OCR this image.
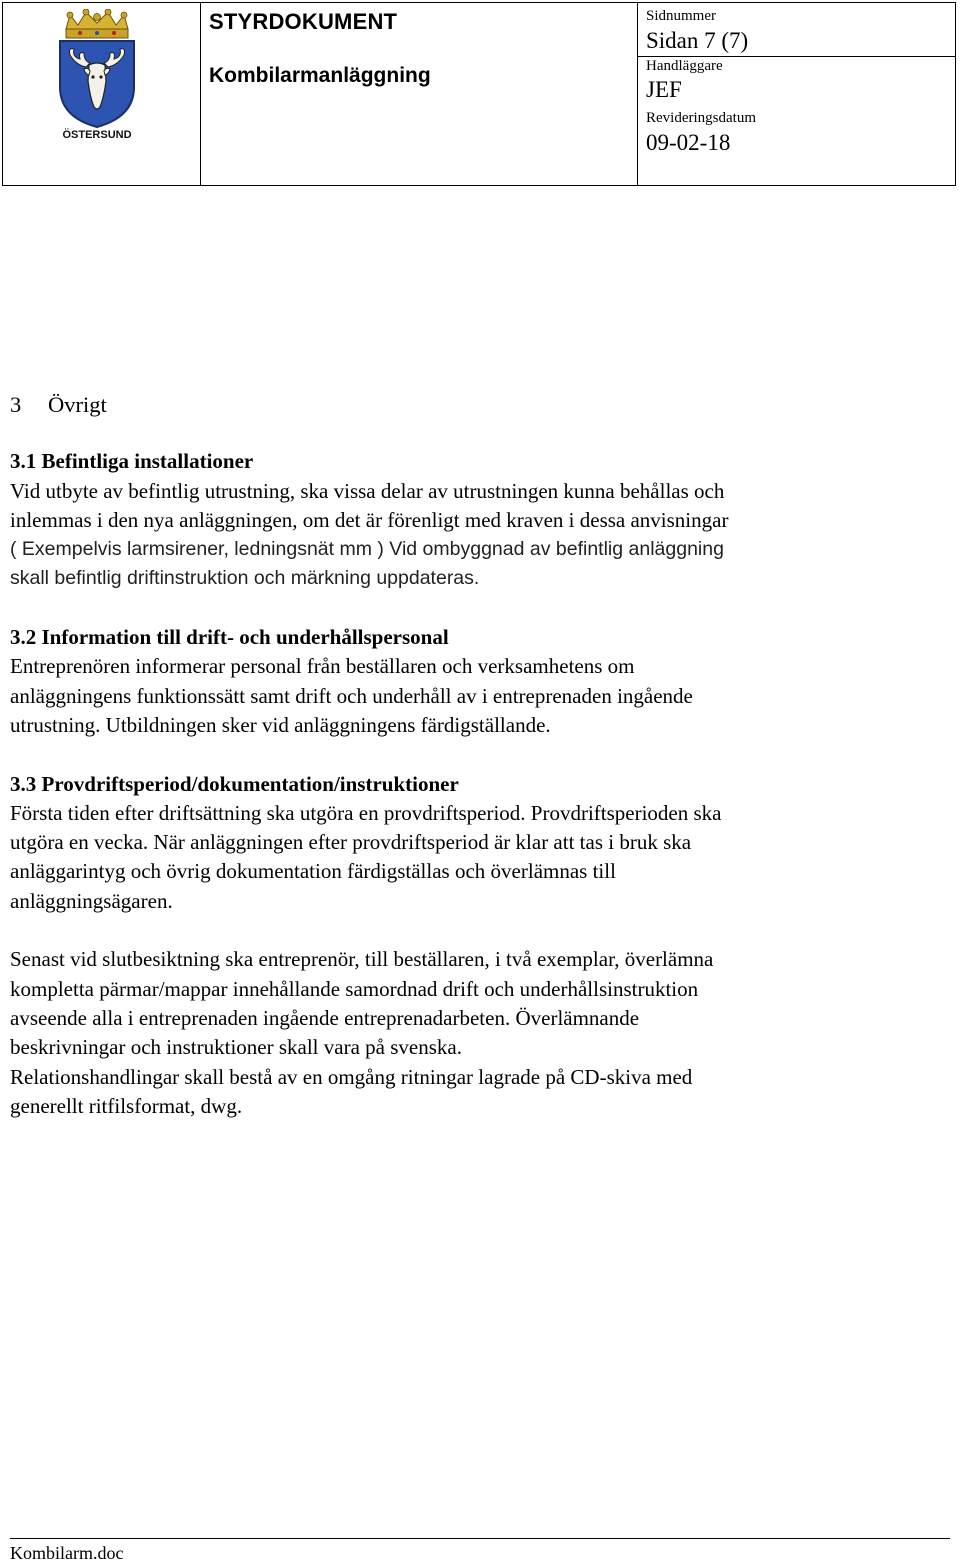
ÖSTERSUND
STYRDOKUMENT
Kombilarmanläggning
Sidnummer
Sidan 7 (7)
Handläggare
JEF
Revideringsdatum
09-02-18

3 Övrigt

3.1 Befintliga installationer

Vid utbyte av befintlig utrustning, ska vissa delar av utrustningen kunna behållas och

inlemmas i den nya anläggningen, om det är förenligt med kraven i dessa anvisningar

( Exempelvis larmsirener, ledningsnät mm ) Vid ombyggnad av befintlig anläggning

skall befintlig driftinstruktion och märkning uppdateras.

3.2 Information till drift- och underhållspersonal

Entreprenören informerar personal från beställaren och verksamhetens om

anläggningens funktionssätt samt drift och underhåll av i entreprenaden ingående

utrustning. Utbildningen sker vid anläggningens färdigställande.

3.3 Provdriftsperiod/dokumentation/instruktioner

Första tiden efter driftsättning ska utgöra en provdriftsperiod. Provdriftsperioden ska

utgöra en vecka. När anläggningen efter provdriftsperiod är klar att tas i bruk ska

anläggarintyg och övrig dokumentation färdigställas och överlämnas till

anläggningsägaren.

Senast vid slutbesiktning ska entreprenör, till beställaren, i två exemplar, överlämna

kompletta pärmar/mappar innehållande samordnad drift och underhållsinstruktion

avseende alla i entreprenaden ingående entreprenadarbeten. Överlämnande

beskrivningar och instruktioner skall vara på svenska.

Relationshandlingar skall bestå av en omgång ritningar lagrade på CD-skiva med

generellt ritfilsformat, dwg.

Kombilarm.doc
